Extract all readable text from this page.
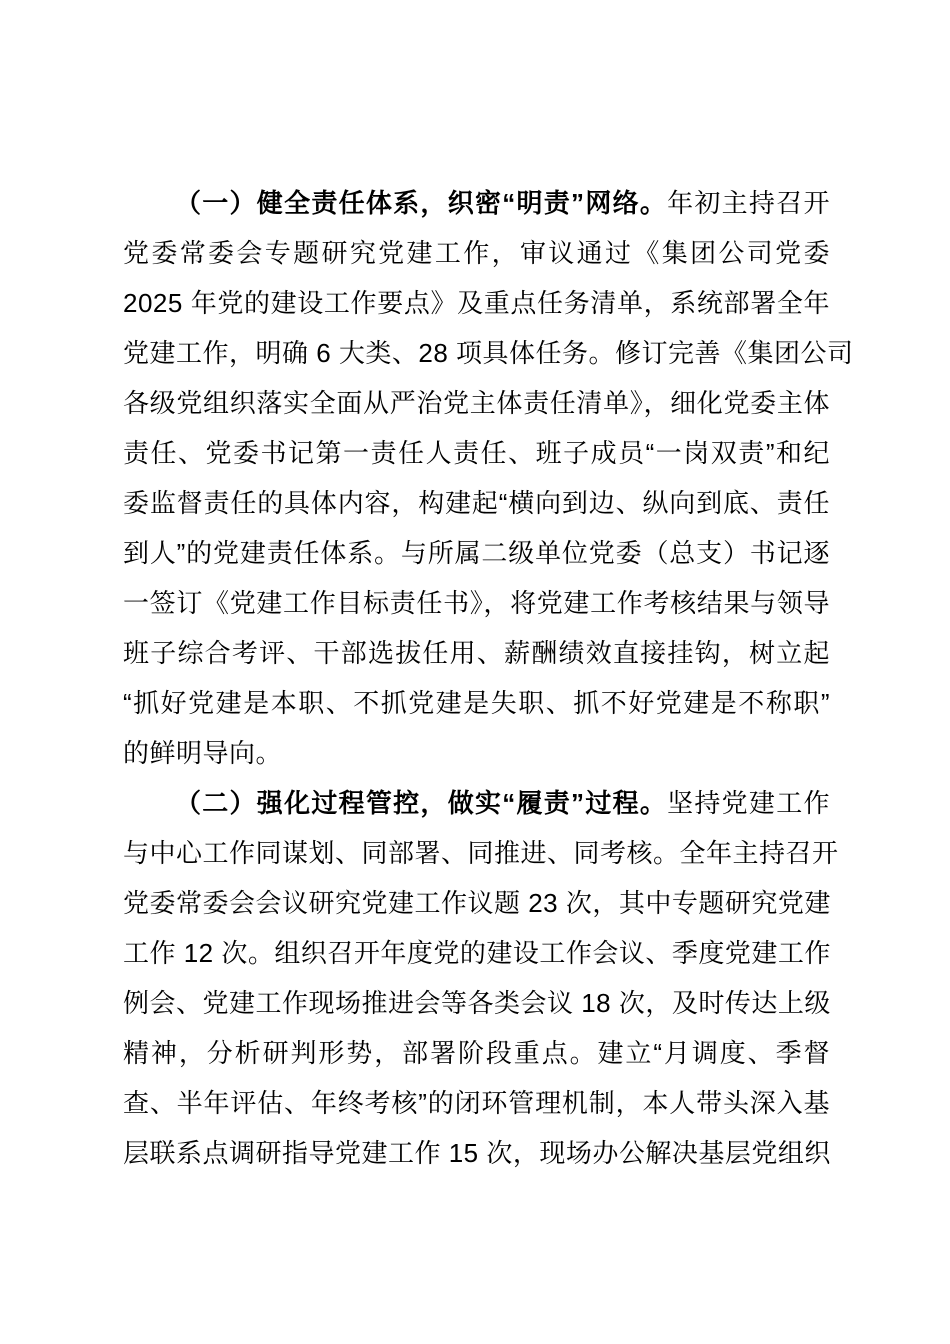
（一）健全责任体系，织密“明责”网络。年初主持召开
党委常委会专题研究党建工作，审议通过《集团公司党委
2025 年党的建设工作要点》及重点任务清单，系统部署全年
党建工作，明确 6 大类、28 项具体任务。修订完善《集团公司
各级党组织落实全面从严治党主体责任清单》，细化党委主体
责任、党委书记第一责任人责任、班子成员“一岗双责”和纪
委监督责任的具体内容，构建起“横向到边、纵向到底、责任
到人”的党建责任体系。与所属二级单位党委（总支）书记逐
一签订《党建工作目标责任书》，将党建工作考核结果与领导
班子综合考评、干部选拔任用、薪酬绩效直接挂钩，树立起
“抓好党建是本职、不抓党建是失职、抓不好党建是不称职”
的鲜明导向。
（二）强化过程管控，做实“履责”过程。坚持党建工作
与中心工作同谋划、同部署、同推进、同考核。全年主持召开
党委常委会会议研究党建工作议题 23 次，其中专题研究党建
工作 12 次。组织召开年度党的建设工作会议、季度党建工作
例会、党建工作现场推进会等各类会议 18 次，及时传达上级
精神，分析研判形势，部署阶段重点。建立“月调度、季督
查、半年评估、年终考核”的闭环管理机制，本人带头深入基
层联系点调研指导党建工作 15 次，现场办公解决基层党组织
